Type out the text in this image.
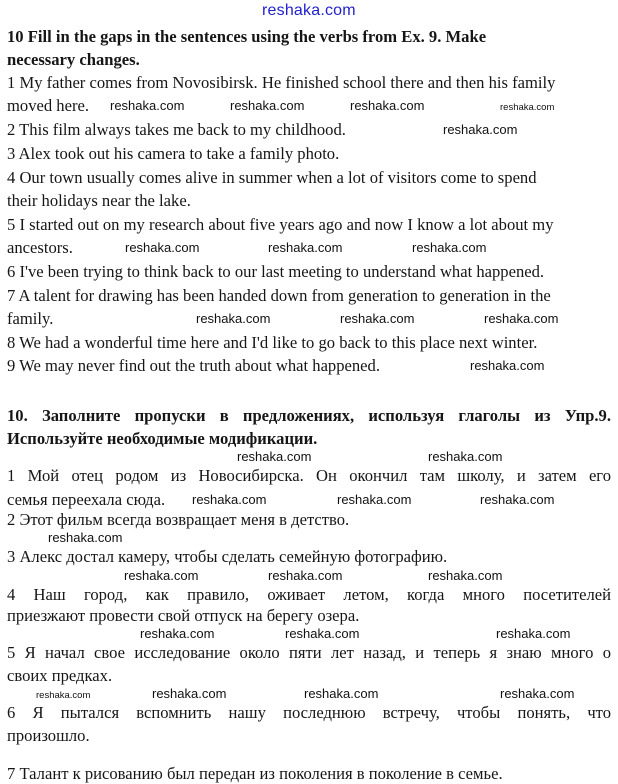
reshaka.com
10 Fill in the gaps in the sentences using the verbs from Ex. 9. Make
necessary changes.
1 My father comes from Novosibirsk. He finished school there and then his family
moved here.
2 This film always takes me back to my childhood.
3 Alex took out his camera to take a family photo.
4 Our town usually comes alive in summer when a lot of visitors come to spend
their holidays near the lake.
5 I started out on my research about five years ago and now I know a lot about my
ancestors.
6 I've been trying to think back to our last meeting to understand what happened.
7 A talent for drawing has been handed down from generation to generation in the
family.
8 We had a wonderful time here and I'd like to go back to this place next winter.
9 We may never find out the truth about what happened.
10. Заполните пропуски в предложениях, используя глаголы из Упр.9.
Используйте необходимые модификации.
1 Мой отец родом из Новосибирска. Он окончил там школу, и затем его
семья переехала сюда.
2 Этот фильм всегда возвращает меня в детство.
3 Алекс достал камеру, чтобы сделать семейную фотографию.
4 Наш город, как правило, оживает летом, когда много посетителей
приезжают провести свой отпуск на берегу озера.
5 Я начал свое исследование около пяти лет назад, и теперь я знаю много о
своих предках.
6 Я пытался вспомнить нашу последнюю встречу, чтобы понять, что
произошло.
7 Талант к рисованию был передан из поколения в поколение в семье.
reshaka.com	reshaka.com	reshaka.com	reshaka.com
reshaka.com
reshaka.com	reshaka.com	reshaka.com
reshaka.com	reshaka.com	reshaka.com
reshaka.com
reshaka.com	reshaka.com
reshaka.com	reshaka.com	reshaka.com
reshaka.com
reshaka.com	reshaka.com	reshaka.com
reshaka.com	reshaka.com	reshaka.com
reshaka.com	reshaka.com	reshaka.com	reshaka.com
